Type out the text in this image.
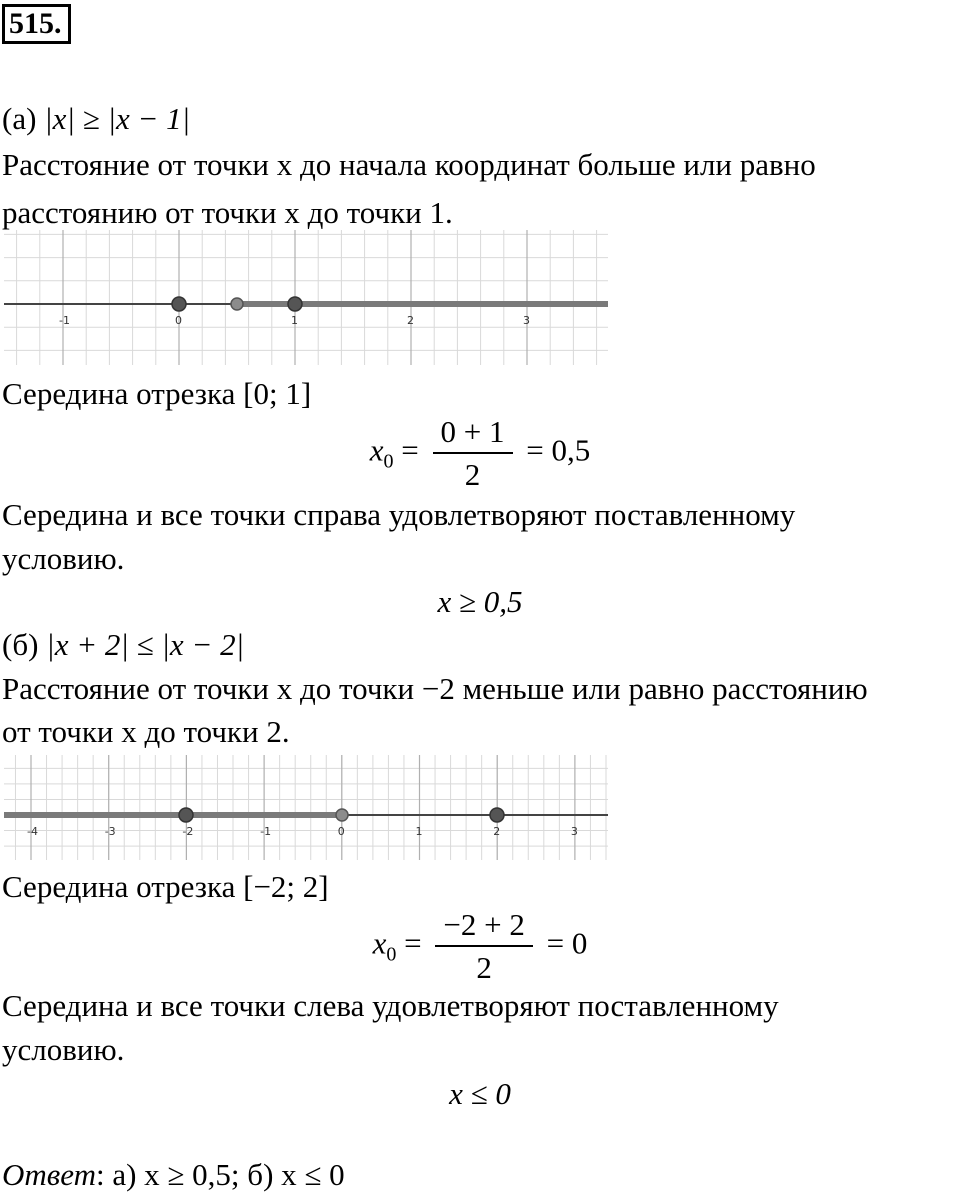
515.
(а) |x| ≥ |x − 1|
Расстояние от точки x до начала координат больше или равно
расстоянию от точки x до точки 1.
-1	0	1	2	3
Середина отрезка [0; 1]
$x_0 = \frac{0 + 1}{2} = 0,5$
Середина и все точки справа удовлетворяют поставленному
условию.
x ≥ 0,5
(б) |x + 2| ≤ |x − 2|
Расстояние от точки x до точки −2 меньше или равно расстоянию
от точки x до точки 2.
-4	-3	-2	-1	0	1	2	3
Середина отрезка [−2; 2]
$x_0 = \frac{-2 + 2}{2} = 0$
Середина и все точки слева удовлетворяют поставленному
условию.
x ≤ 0
Ответ: а) x ≥ 0,5; б) x ≤ 0
